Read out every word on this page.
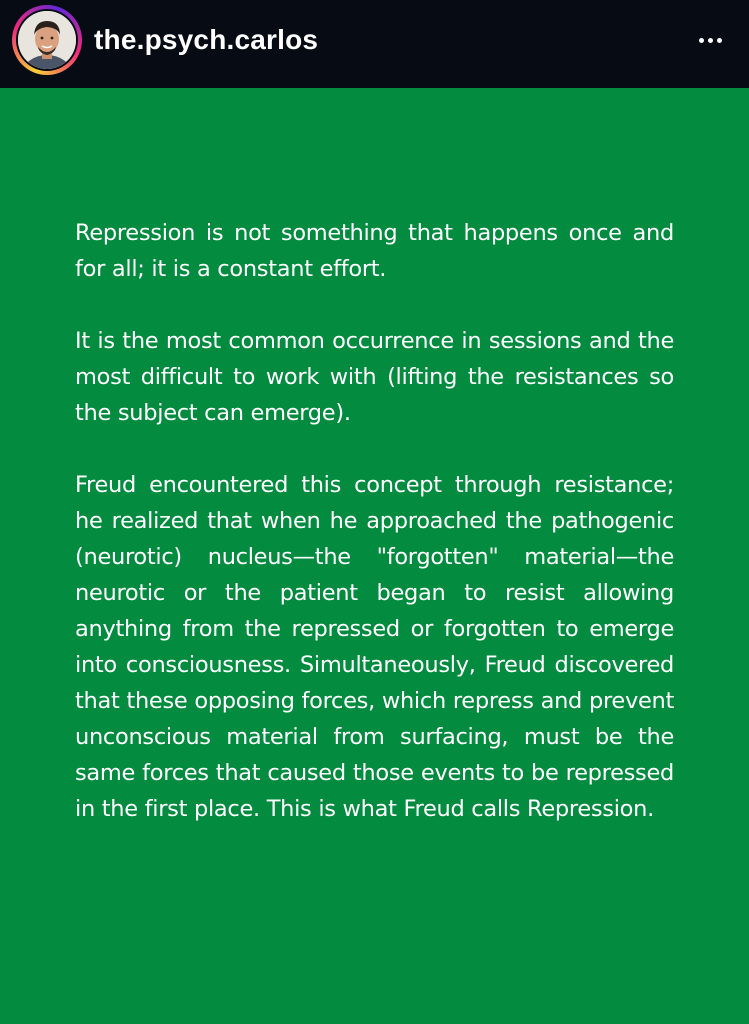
the.psych.carlos

Repression is not something that happens once and for all; it is a constant effort.

It is the most common occurrence in sessions and the most difficult to work with (lifting the resistances so the subject can emerge).

Freud encountered this concept through resistance; he realized that when he approached the pathogenic (neurotic) nucleus—the "forgotten" material—the neurotic or the patient began to resist allowing anything from the repressed or forgotten to emerge into consciousness. Simultaneously, Freud discovered that these opposing forces, which repress and prevent unconscious material from surfacing, must be the same forces that caused those events to be repressed in the first place. This is what Freud calls Repression.
